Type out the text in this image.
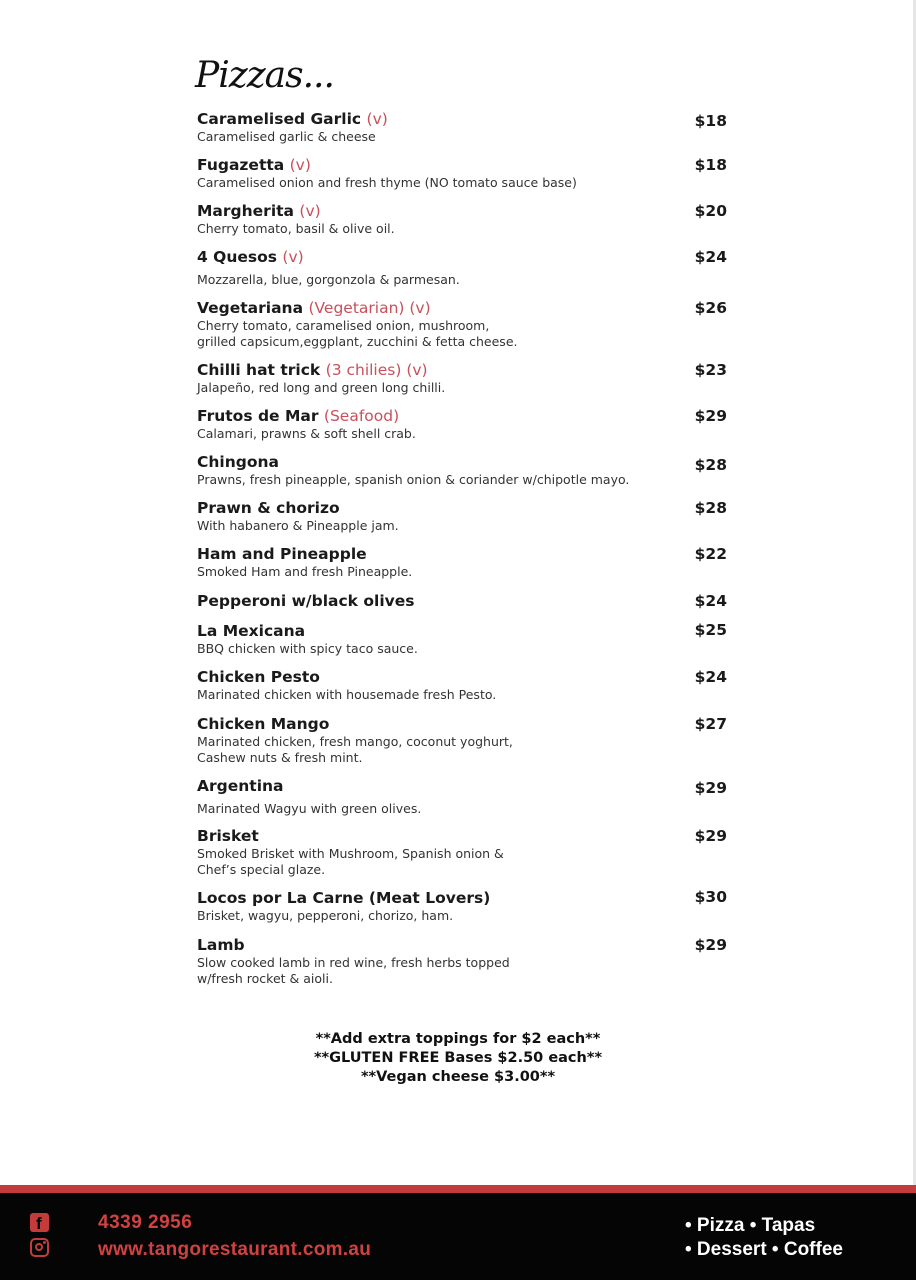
Pizzas...
Caramelised Garlic (v)
Caramelised garlic & cheese
$18
Fugazetta (v)
Caramelised onion and fresh thyme (NO tomato sauce base)
$18
Margherita (v)
Cherry tomato, basil & olive oil.
$20
4 Quesos (v)
Mozzarella, blue, gorgonzola & parmesan.
$24
Vegetariana (Vegetarian) (v)
Cherry tomato, caramelised onion, mushroom,
grilled capsicum,eggplant, zucchini & fetta cheese.
$26
Chilli hat trick (3 chilies) (v)
Jalapeño, red long and green long chilli.
$23
Frutos de Mar (Seafood)
Calamari, prawns & soft shell crab.
$29
Chingona
Prawns, fresh pineapple, spanish onion & coriander w/chipotle mayo.
$28
Prawn & chorizo
With habanero & Pineapple jam.
$28
Ham and Pineapple
Smoked Ham and fresh Pineapple.
$22
Pepperoni w/black olives	$24
La Mexicana
BBQ chicken with spicy taco sauce.
$25
Chicken Pesto
Marinated chicken with housemade fresh Pesto.
$24
Chicken Mango
Marinated chicken, fresh mango, coconut yoghurt,
Cashew nuts & fresh mint.
$27
Argentina
Marinated Wagyu with green olives.
$29
Brisket
Smoked Brisket with Mushroom, Spanish onion &
Chef’s special glaze.
$29
Locos por La Carne (Meat Lovers)
Brisket, wagyu, pepperoni, chorizo, ham.
$30
Lamb
Slow cooked lamb in red wine, fresh herbs topped
w/fresh rocket & aioli.
$29
**Add extra toppings for $2 each**
**GLUTEN FREE Bases $2.50 each**
**Vegan cheese $3.00**
f	4339 2956
www.tangorestaurant.com.au
• Pizza • Tapas
• Dessert • Coffee
